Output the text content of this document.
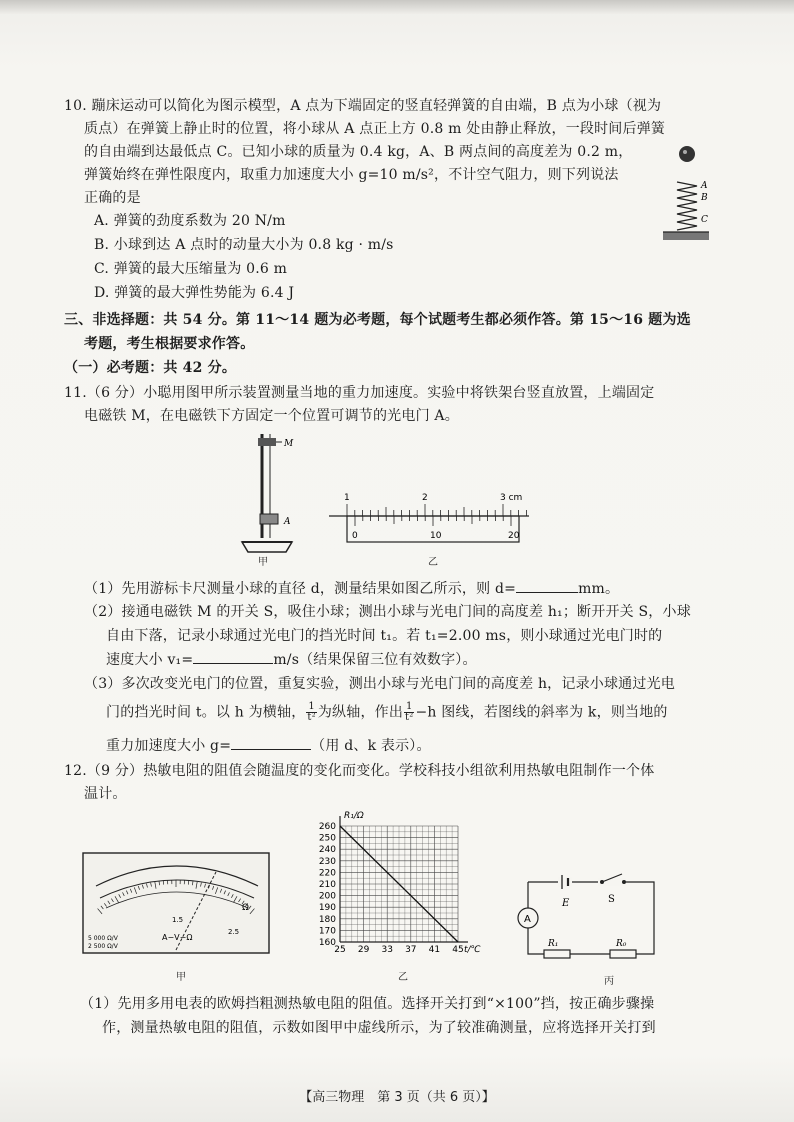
10. 蹦床运动可以简化为图示模型，A 点为下端固定的竖直轻弹簧的自由端，B 点为小球（视为
质点）在弹簧上静止时的位置，将小球从 A 点正上方 0.8 m 处由静止释放，一段时间后弹簧
的自由端到达最低点 C。已知小球的质量为 0.4 kg，A、B 两点间的高度差为 0.2 m，
弹簧始终在弹性限度内，取重力加速度大小 g=10 m/s²，不计空气阻力，则下列说法
正确的是
A. 弹簧的劲度系数为 20 N/m
B. 小球到达 A 点时的动量大小为 0.8 kg · m/s
C. 弹簧的最大压缩量为 0.6 m
D. 弹簧的最大弹性势能为 6.4 J
A
B
C
三、非选择题：共 54 分。第 11～14 题为必考题，每个试题考生都必须作答。第 15～16 题为选
考题，考生根据要求作答。
（一）必考题：共 42 分。
11.（6 分）小聪用图甲所示装置测量当地的重力加速度。实验中将铁架台竖直放置，上端固定
电磁铁 M，在电磁铁下方固定一个位置可调节的光电门 A。
M
A
甲
1	2	3 cm
0	10	20
乙
（1）先用游标卡尺测量小球的直径 d，测量结果如图乙所示，则 d=	mm。
（2）接通电磁铁 M 的开关 S，吸住小球；测出小球与光电门间的高度差 h₁；断开开关 S，小球
自由下落，记录小球通过光电门的挡光时间 t₁。若 t₁=2.00 ms，则小球通过光电门时的
速度大小 v₁=	m/s（结果保留三位有效数字）。
（3）多次改变光电门的位置，重复实验，测出小球与光电门间的高度差 h，记录小球通过光电
门的挡光时间 t。以 h 为横轴， $\frac{1}{\text{t²}}$ 为纵轴，作出 $\frac{1}{\text{t²}} -h$ 图线，若图线的斜率为 k，则当地的
重力加速度大小 g=	（用 d、k 表示）。
12.（9 分）热敏电阻的阻值会随温度的变化而变化。学校科技小组欲利用热敏电阻制作一个体
温计。
Ω
1.5
2.5
A−V−Ω
5 000 Ω/V
2 500 Ω/V
甲
160
170
180
190
200
210
220
230
240
250
260
25 29 33 37 41 45
R₁/Ω
t/℃
乙
E	S
A
R₁	R₀
丙
（1）先用多用电表的欧姆挡粗测热敏电阻的阻值。选择开关打到“×100”挡，按正确步骤操
作，测量热敏电阻的阻值，示数如图甲中虚线所示，为了较准确测量，应将选择开关打到
【高三物理　第 3 页（共 6 页）】
